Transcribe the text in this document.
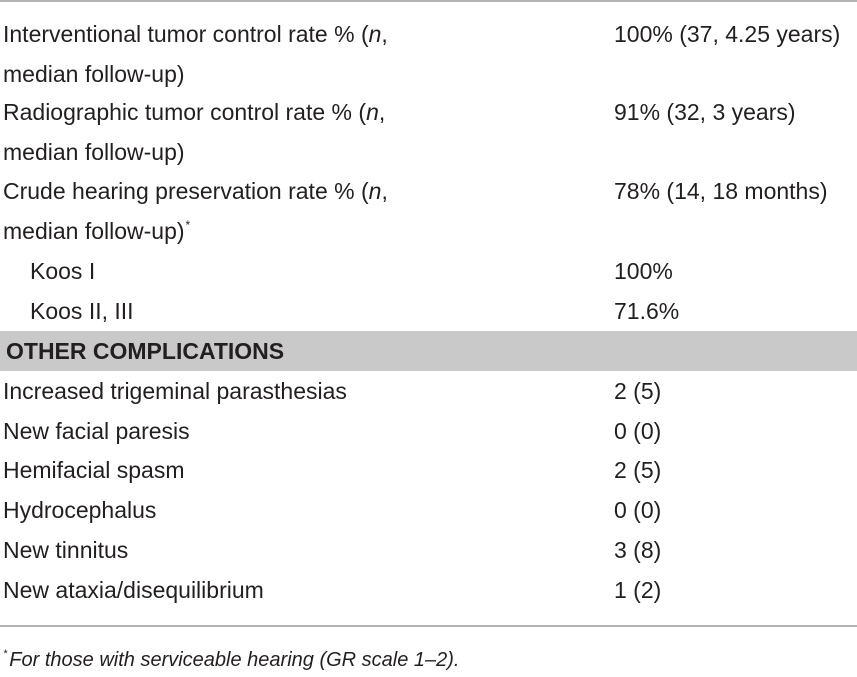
Interventional tumor control rate % (n,	100% (37, 4.25 years)
median follow-up)
Radiographic tumor control rate % (n,	91% (32, 3 years)
median follow-up)
Crude hearing preservation rate % (n,	78% (14, 18 months)
median follow-up)*
Koos I	100%
Koos II, III	71.6%
OTHER COMPLICATIONS
Increased trigeminal parasthesias	2 (5)
New facial paresis	0 (0)
Hemifacial spasm	2 (5)
Hydrocephalus	0 (0)
New tinnitus	3 (8)
New ataxia/disequilibrium	1 (2)
* For those with serviceable hearing (GR scale 1–2).
